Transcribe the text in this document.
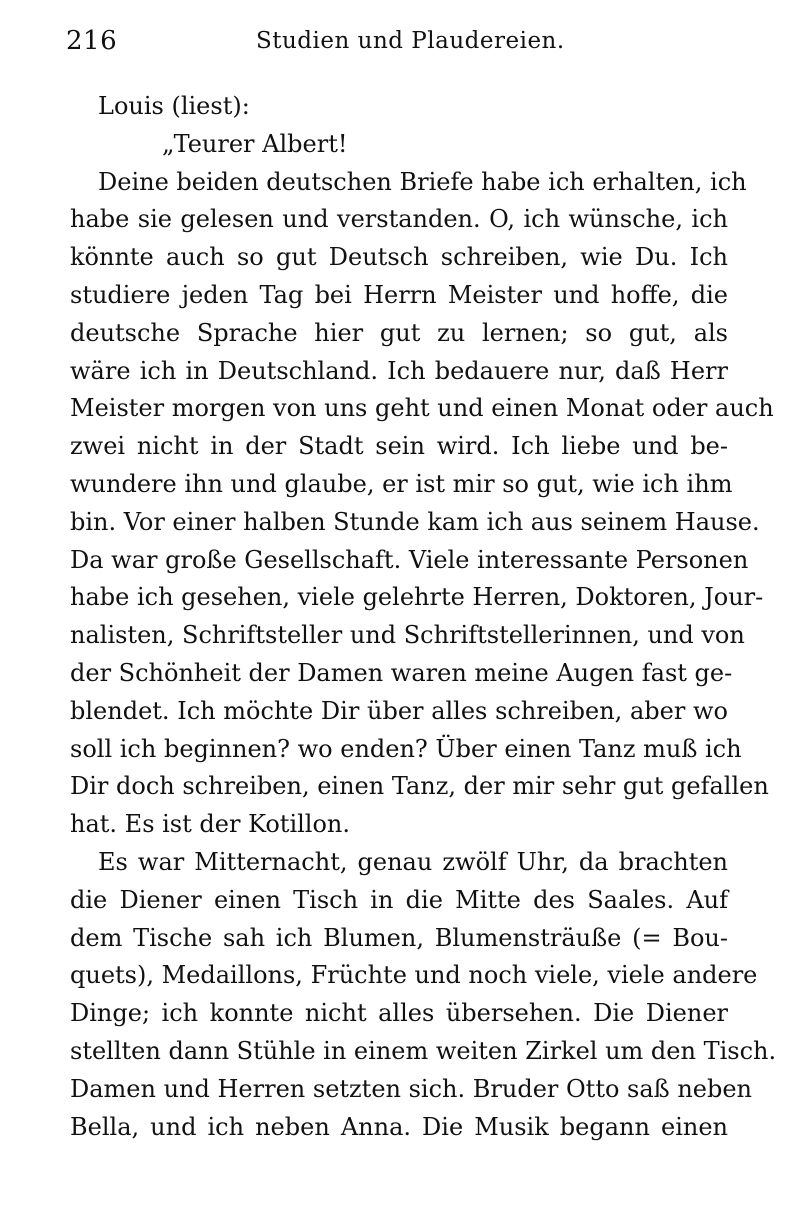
216	Studien und Plaudereien.
Louis (liest):
„Teurer Albert!
Deine beiden deutschen Briefe habe ich erhalten, ich
habe sie gelesen und verstanden. O, ich wünsche, ich
könnte auch so gut Deutsch schreiben, wie Du. Ich
studiere jeden Tag bei Herrn Meister und hoffe, die
deutsche Sprache hier gut zu lernen; so gut, als
wäre ich in Deutschland. Ich bedauere nur, daß Herr
Meister morgen von uns geht und einen Monat oder auch
zwei nicht in der Stadt sein wird. Ich liebe und be-
wundere ihn und glaube, er ist mir so gut, wie ich ihm
bin. Vor einer halben Stunde kam ich aus seinem Hause.
Da war große Gesellschaft. Viele interessante Personen
habe ich gesehen, viele gelehrte Herren, Doktoren, Jour-
nalisten, Schriftsteller und Schriftstellerinnen, und von
der Schönheit der Damen waren meine Augen fast ge-
blendet. Ich möchte Dir über alles schreiben, aber wo
soll ich beginnen? wo enden? Über einen Tanz muß ich
Dir doch schreiben, einen Tanz, der mir sehr gut gefallen
hat. Es ist der Kotillon.
Es war Mitternacht, genau zwölf Uhr, da brachten
die Diener einen Tisch in die Mitte des Saales. Auf
dem Tische sah ich Blumen, Blumensträuße (= Bou-
quets), Medaillons, Früchte und noch viele, viele andere
Dinge; ich konnte nicht alles übersehen. Die Diener
stellten dann Stühle in einem weiten Zirkel um den Tisch.
Damen und Herren setzten sich. Bruder Otto saß neben
Bella, und ich neben Anna. Die Musik begann einen
